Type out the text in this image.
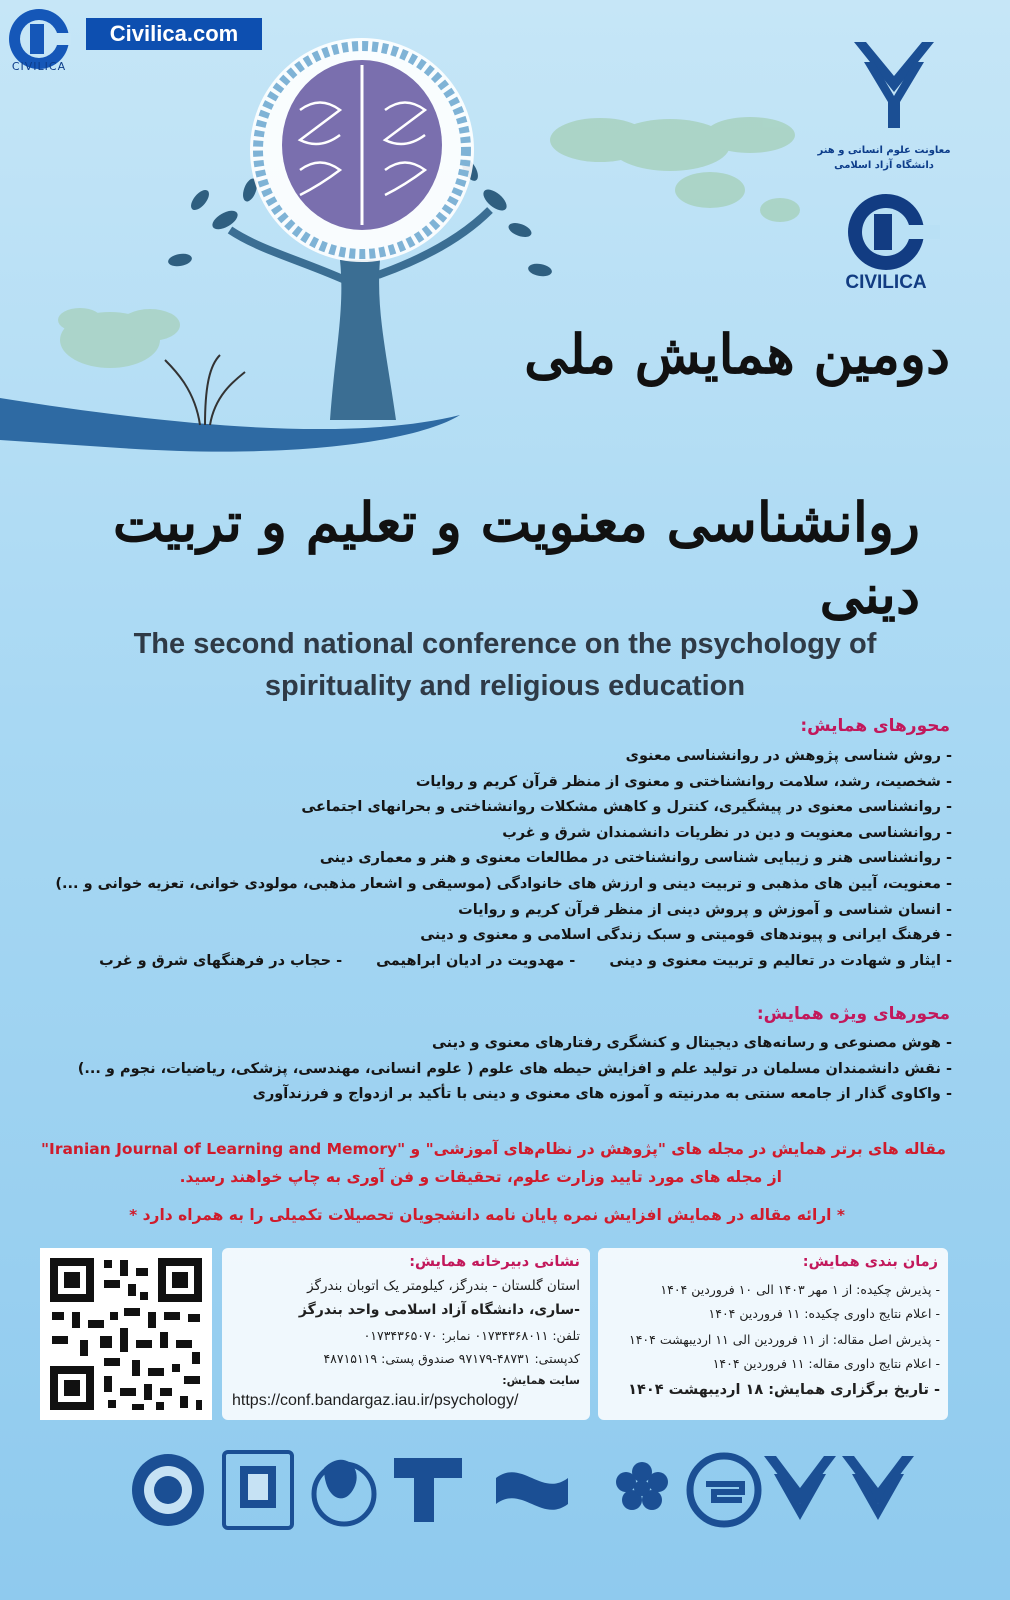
CIVILICA
Civilica.com
معاونت علوم انسانی و هنر
دانشگاه آزاد اسلامی
CIVILICA
دومین همایش ملی
روانشناسی معنویت و تعلیم و تربیت دینی
The second national conference on the psychology of
spirituality and religious education
محورهای همایش:
- روش شناسی پژوهش در روانشناسی معنوی
- شخصیت، رشد، سلامت روانشناختی و معنوی از منظر قرآن کریم و روایات
- روانشناسی معنوی در پیشگیری، کنترل و کاهش مشکلات روانشناختی و بحرانهای اجتماعی
- روانشناسی معنویت و دین در نظریات دانشمندان شرق و غرب
- روانشناسی هنر و زیبایی شناسی روانشناختی در مطالعات معنوی و هنر و معماری دینی
- معنویت، آیین های مذهبی و تربیت دینی و ارزش های خانوادگی (موسیقی و اشعار مذهبی، مولودی خوانی، تعزیه خوانی و ...)
- انسان شناسی و آموزش و پروش دینی از منظر قرآن کریم و روایات
- فرهنگ ایرانی و پیوندهای قومیتی و سبک زندگی اسلامی و معنوی و دینی
- ایثار و شهادت در تعالیم و تربیت معنوی و دینی- مهدویت در ادیان ابراهیمی- حجاب در فرهنگهای شرق و غرب
محورهای ویژه همایش:
- هوش مصنوعی و رسانه‌های دیجیتال و کنشگری رفتارهای معنوی و دینی
- نقش دانشمندان مسلمان در تولید علم و افزایش حیطه های علوم ( علوم انسانی، مهندسی، پزشکی، ریاضیات، نجوم و ...)
- واکاوی گذار از جامعه سنتی به مدرنیته و آموزه های معنوی و دینی با تأکید بر ازدواج و فرزندآوری
مقاله های برتر همایش در مجله های "پژوهش در نظام‌های آموزشی" و "Iranian Journal of Learning and Memory"
از مجله های مورد تایید وزارت علوم، تحقیقات و فن آوری به چاپ خواهند رسید.
* ارائه مقاله در همایش افزایش نمره پایان نامه دانشجویان تحصیلات تکمیلی را به همراه دارد *
نشانی دبیرخانه همایش:
استان گلستان - بندرگز، کیلومتر یک اتوبان بندرگز
-ساری، دانشگاه آزاد اسلامی واحد بندرگز
تلفن: ۰۱۷۳۴۳۶۸۰۱۱ نمابر: ۰۱۷۳۴۳۶۵۰۷۰
کدپستی: ۴۸۷۳۱-۹۷۱۷۹ صندوق پستی: ۴۸۷۱۵۱۱۹
سایت همایش:
https://conf.bandargaz.iau.ir/psychology/
زمان بندی همایش:
- پذیرش چکیده: از ۱ مهر ۱۴۰۳ الی ۱۰ فروردین ۱۴۰۴
- اعلام نتایج داوری چکیده: ۱۱ فروردین ۱۴۰۴
- پذیرش اصل مقاله: از ۱۱ فروردین الی ۱۱ اردیبهشت ۱۴۰۴
- اعلام نتایج داوری مقاله: ۱۱ فروردین ۱۴۰۴
- تاریخ برگزاری همایش: ۱۸ اردیبهشت ۱۴۰۴
